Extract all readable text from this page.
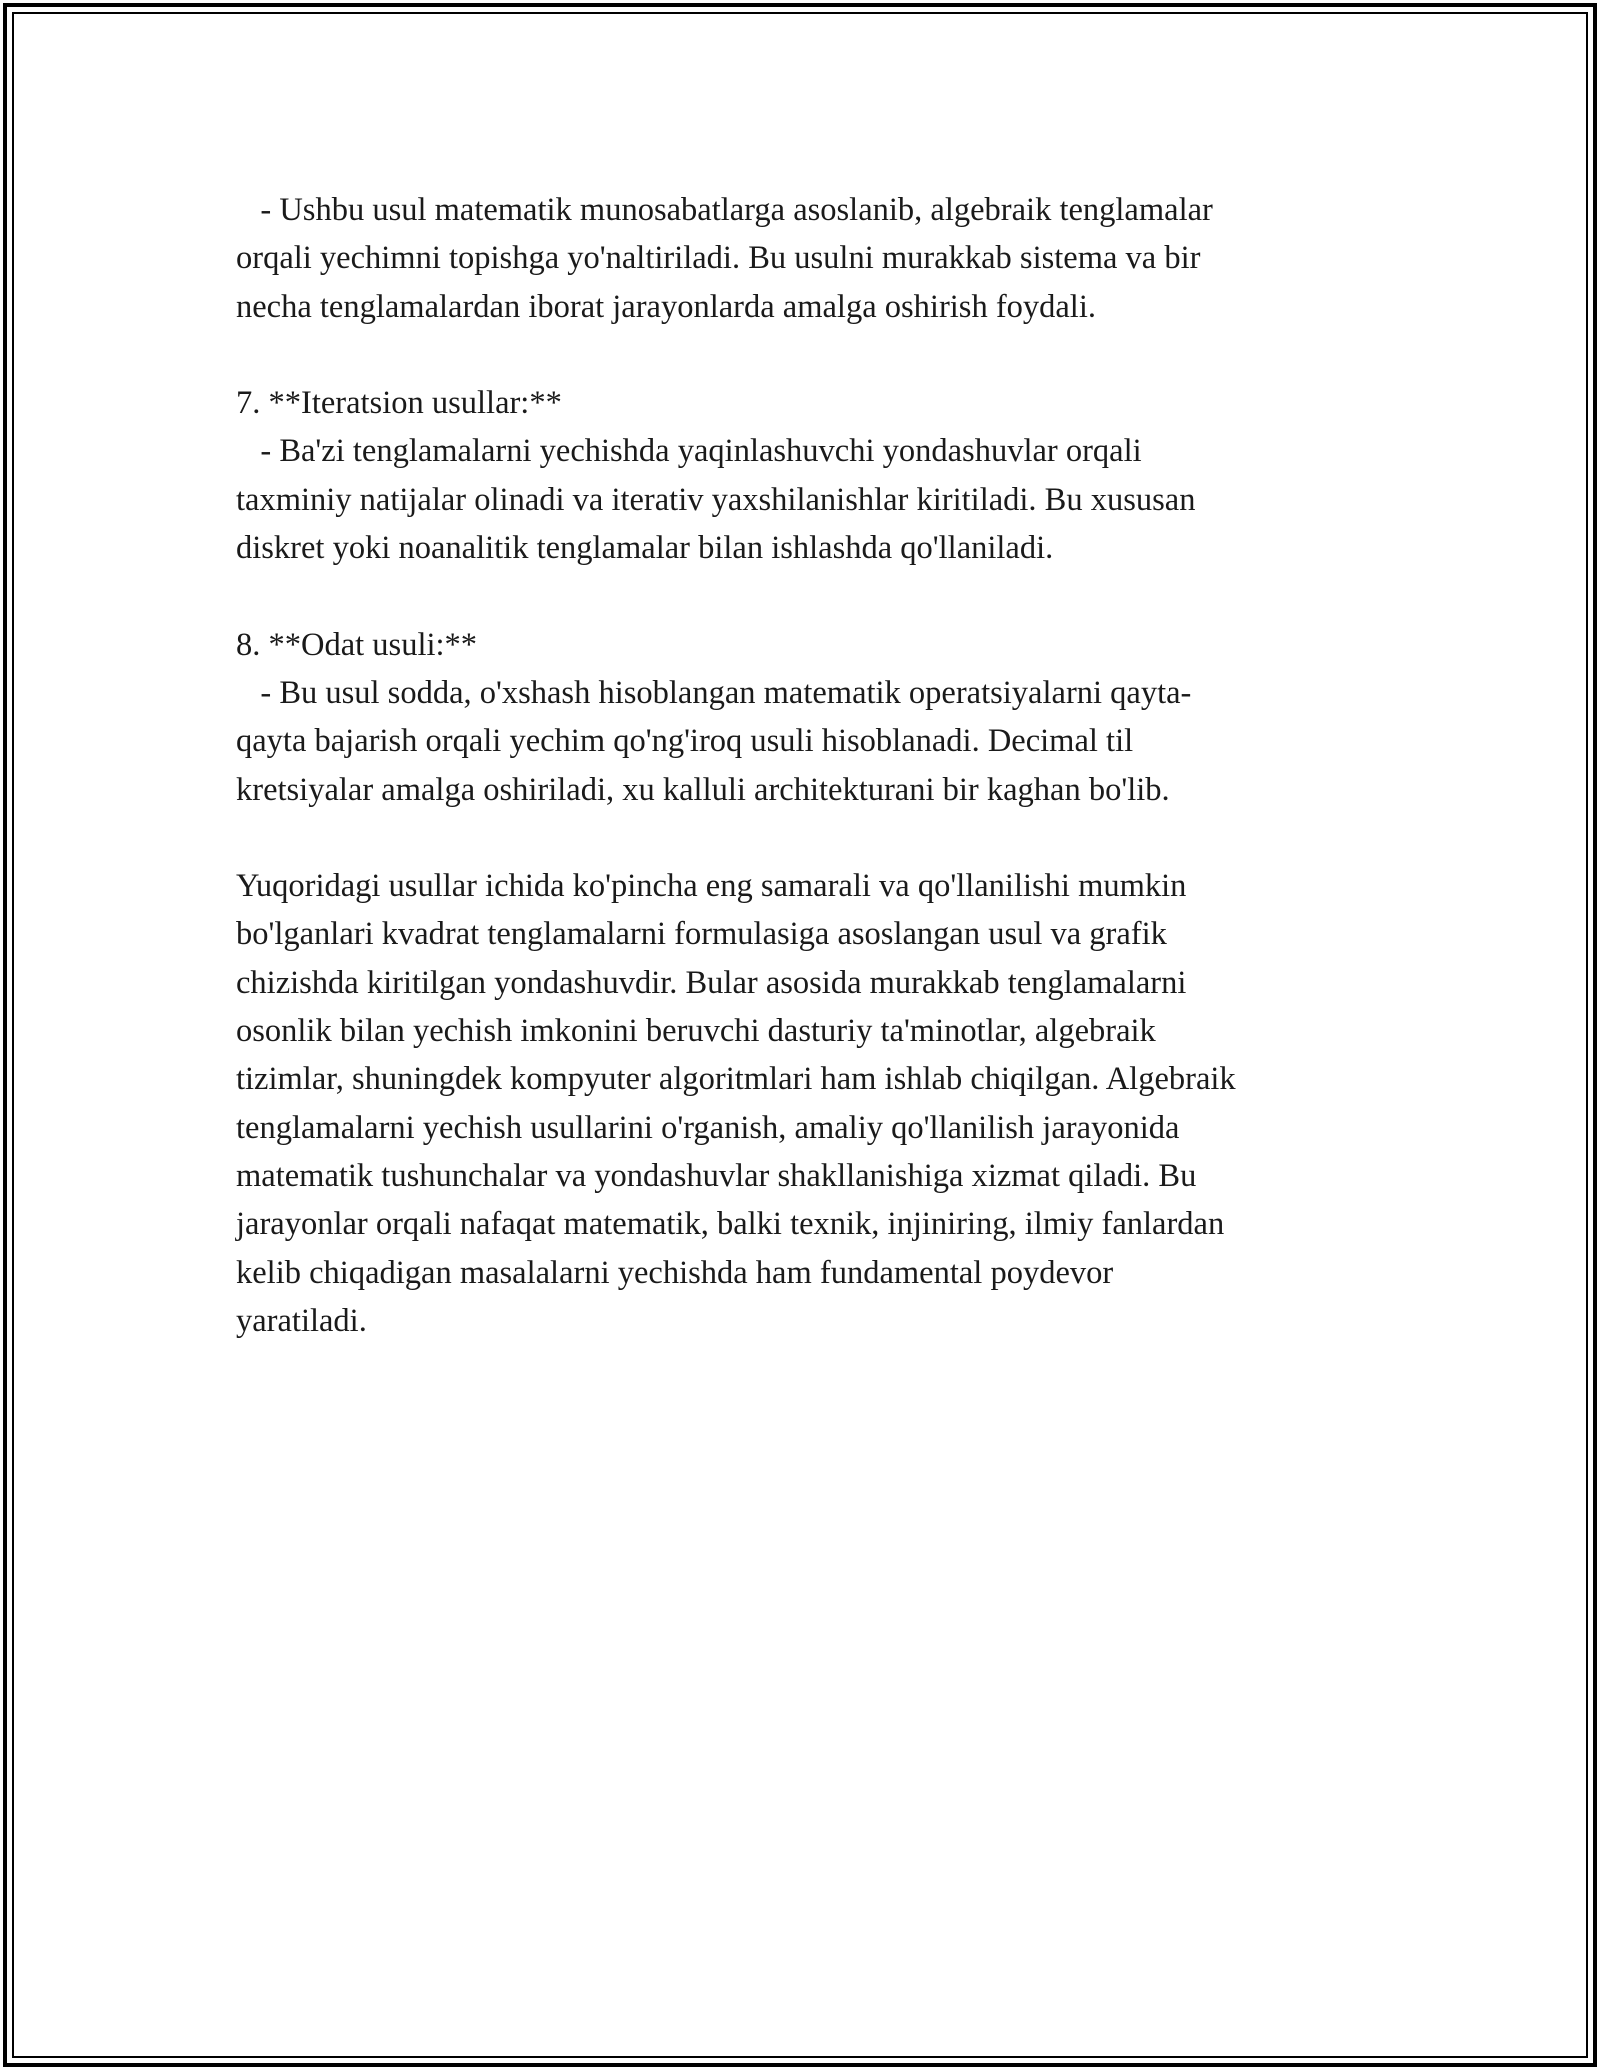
- Ushbu usul matematik munosabatlarga asoslanib, algebraik tenglamalar
orqali yechimni topishga yo'naltiriladi. Bu usulni murakkab sistema va bir
necha tenglamalardan iborat jarayonlarda amalga oshirish foydali.
7. **Iteratsion usullar:**
- Ba'zi tenglamalarni yechishda yaqinlashuvchi yondashuvlar orqali
taxminiy natijalar olinadi va iterativ yaxshilanishlar kiritiladi. Bu xususan
diskret yoki noanalitik tenglamalar bilan ishlashda qo'llaniladi.
8. **Odat usuli:**
- Bu usul sodda, o'xshash hisoblangan matematik operatsiyalarni qayta-
qayta bajarish orqali yechim qo'ng'iroq usuli hisoblanadi. Decimal til
kretsiyalar amalga oshiriladi, xu kalluli architekturani bir kaghan bo'lib.
Yuqoridagi usullar ichida ko'pincha eng samarali va qo'llanilishi mumkin
bo'lganlari kvadrat tenglamalarni formulasiga asoslangan usul va grafik
chizishda kiritilgan yondashuvdir. Bular asosida murakkab tenglamalarni
osonlik bilan yechish imkonini beruvchi dasturiy ta'minotlar, algebraik
tizimlar, shuningdek kompyuter algoritmlari ham ishlab chiqilgan. Algebraik
tenglamalarni yechish usullarini o'rganish, amaliy qo'llanilish jarayonida
matematik tushunchalar va yondashuvlar shakllanishiga xizmat qiladi. Bu
jarayonlar orqali nafaqat matematik, balki texnik, injiniring, ilmiy fanlardan
kelib chiqadigan masalalarni yechishda ham fundamental poydevor
yaratiladi.
